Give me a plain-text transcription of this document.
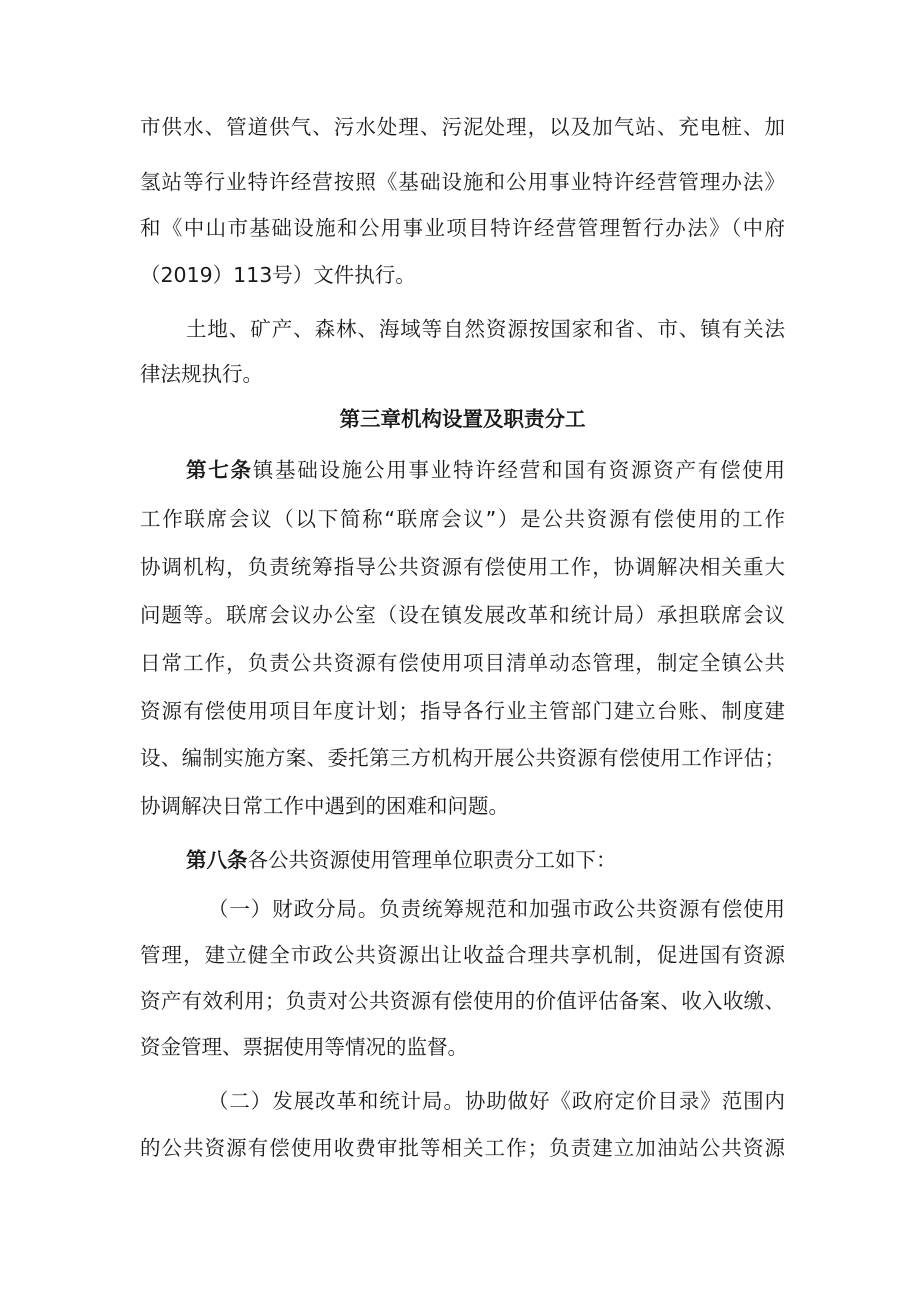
市供水、管道供气、污水处理、污泥处理，以及加气站、充电桩、加
氢站等行业特许经营按照《基础设施和公用事业特许经营管理办法》
和《中山市基础设施和公用事业项目特许经营管理暂行办法》（中府
（2019）113号）文件执行。
土地、矿产、森林、海域等自然资源按国家和省、市、镇有关法
律法规执行。
第三章机构设置及职责分工
第七条镇基础设施公用事业特许经营和国有资源资产有偿使用
工作联席会议（以下简称“联席会议”）是公共资源有偿使用的工作
协调机构，负责统筹指导公共资源有偿使用工作，协调解决相关重大
问题等。联席会议办公室（设在镇发展改革和统计局）承担联席会议
日常工作，负责公共资源有偿使用项目清单动态管理，制定全镇公共
资源有偿使用项目年度计划；指导各行业主管部门建立台账、制度建
设、编制实施方案、委托第三方机构开展公共资源有偿使用工作评估；
协调解决日常工作中遇到的困难和问题。
第八条各公共资源使用管理单位职责分工如下：
（一）财政分局。负责统筹规范和加强市政公共资源有偿使用
管理，建立健全市政公共资源出让收益合理共享机制，促进国有资源
资产有效利用；负责对公共资源有偿使用的价值评估备案、收入收缴、
资金管理、票据使用等情况的监督。
（二）发展改革和统计局。协助做好《政府定价目录》范围内
的公共资源有偿使用收费审批等相关工作；负责建立加油站公共资源
